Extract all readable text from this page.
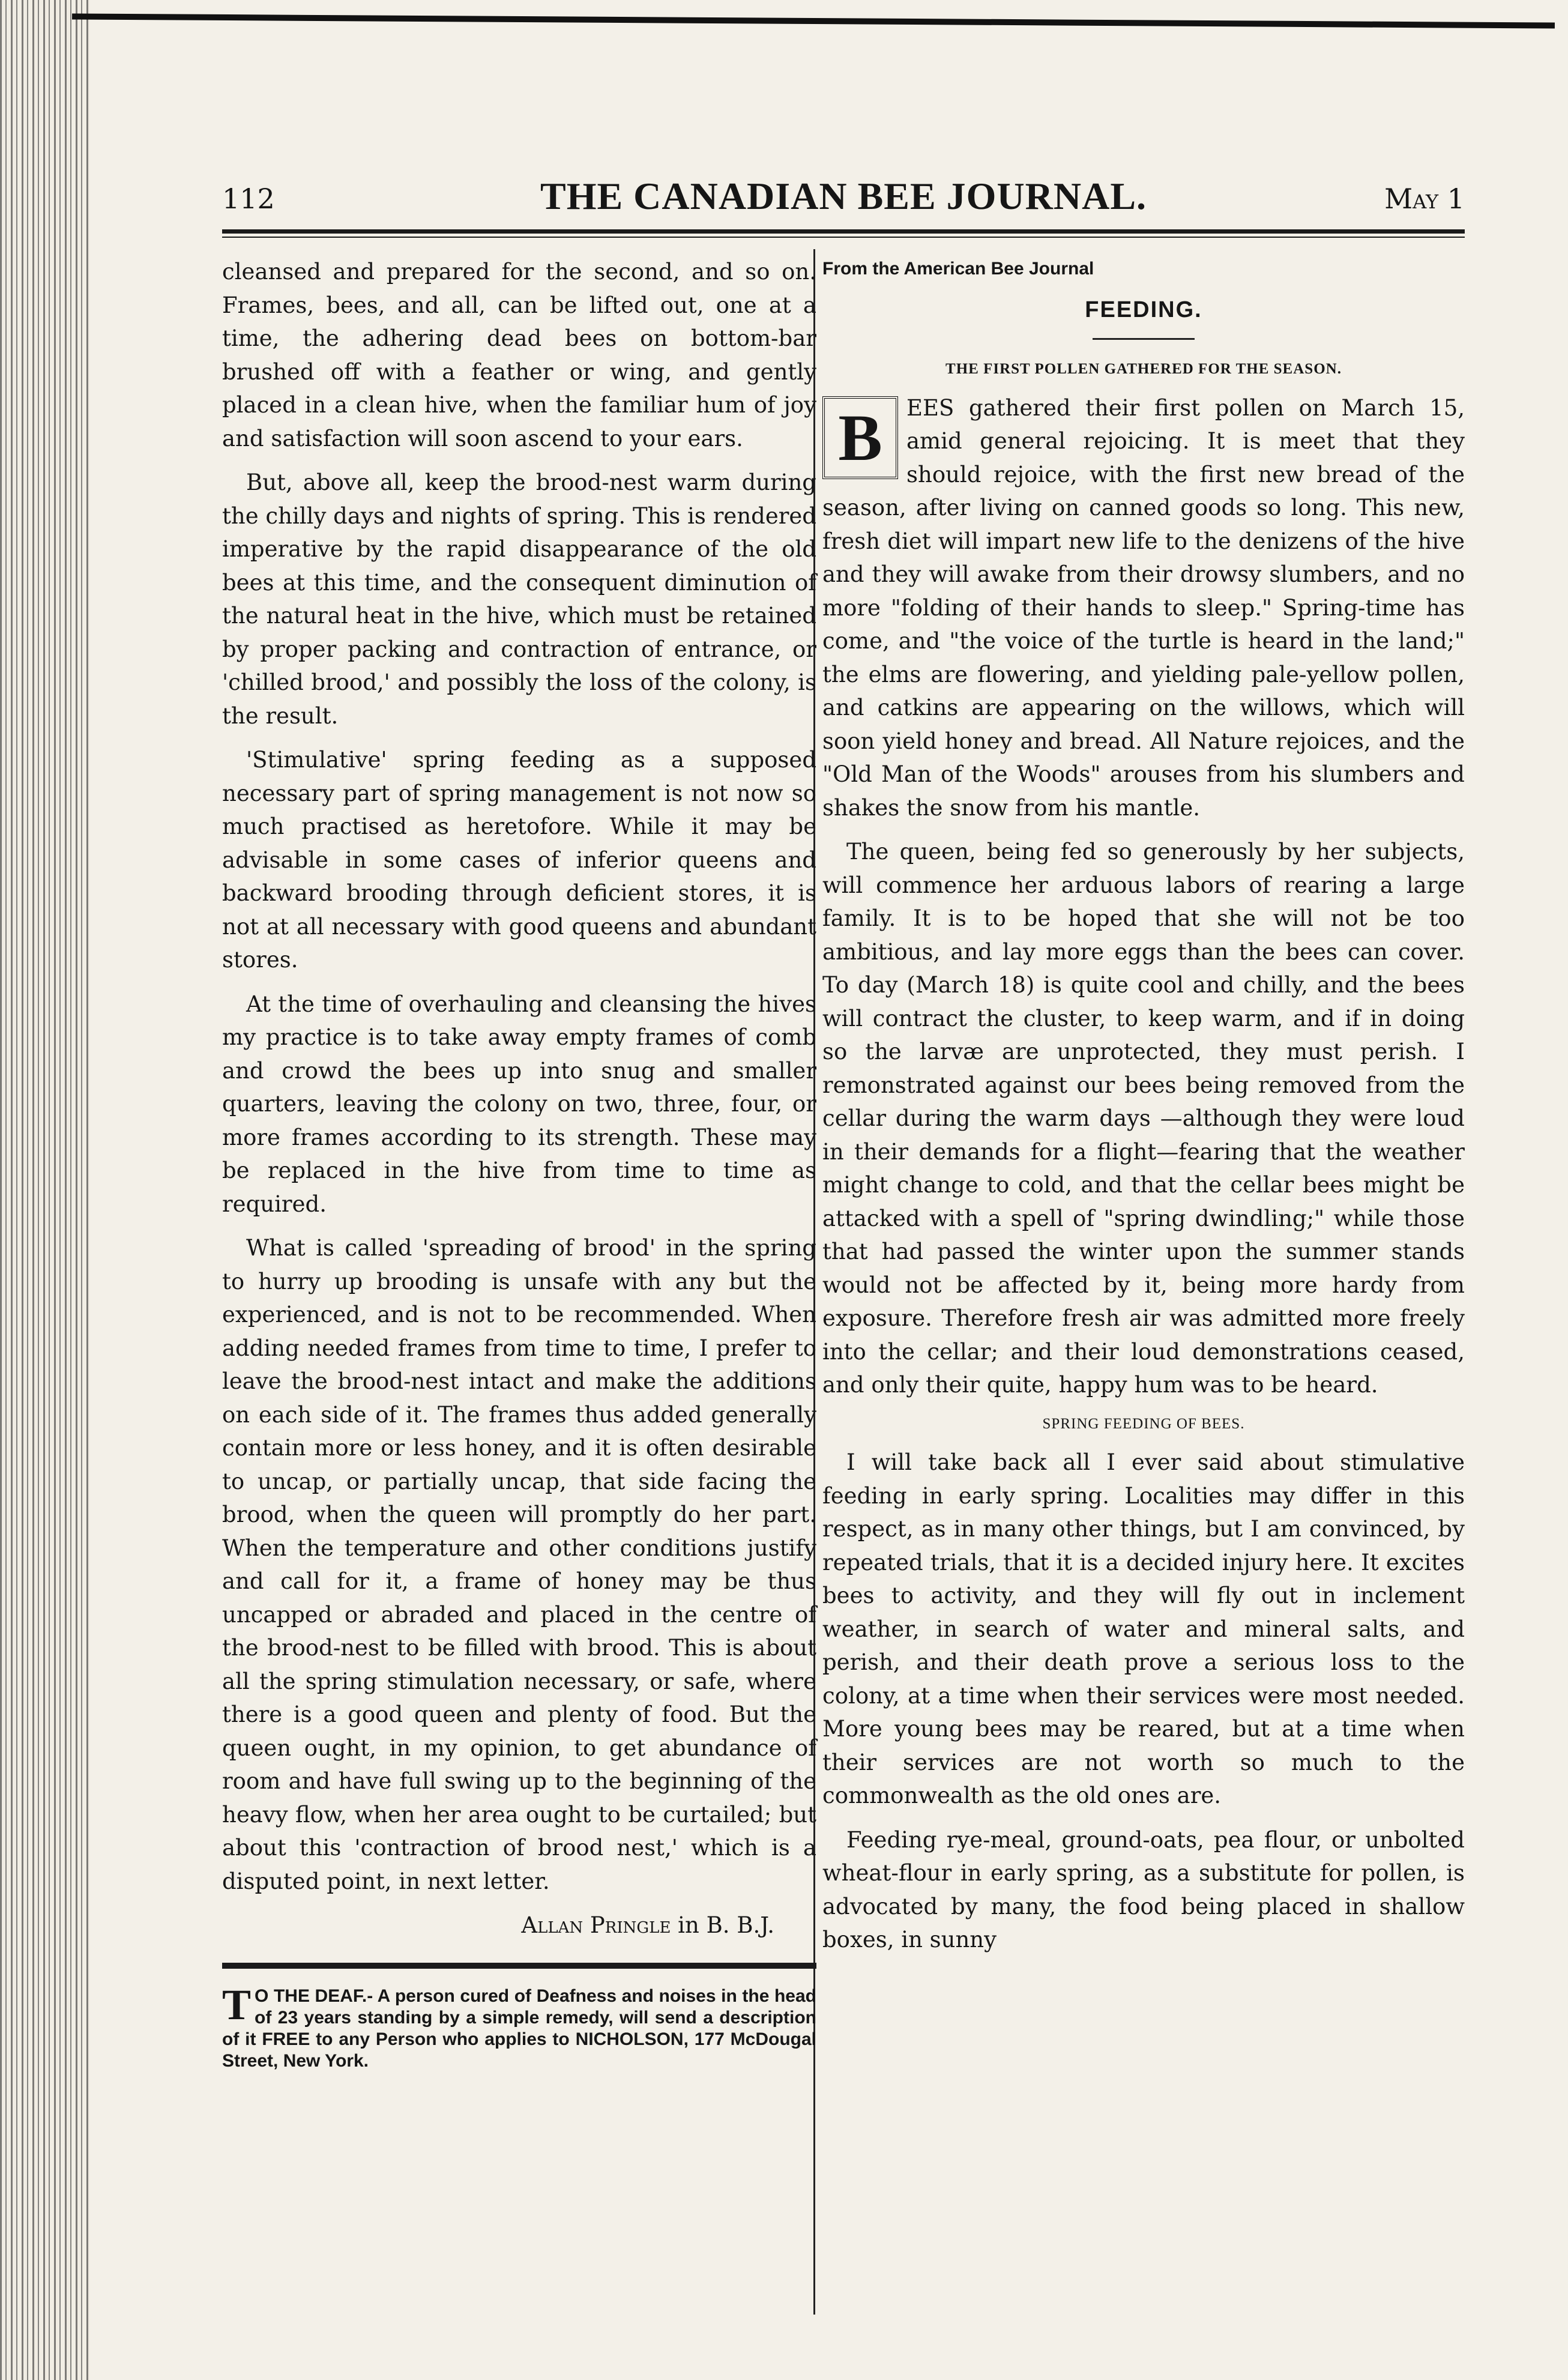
112	THE CANADIAN BEE JOURNAL.	May 1

cleansed and prepared for the second, and so on. Frames, bees, and all, can be lifted out, one at a time, the adhering dead bees on bottom-bar brushed off with a feather or wing, and gently placed in a clean hive, when the familiar hum of joy and satisfaction will soon ascend to your ears.

But, above all, keep the brood-nest warm during the chilly days and nights of spring. This is rendered imperative by the rapid disappearance of the old bees at this time, and the consequent diminution of the natural heat in the hive, which must be retained by proper packing and contraction of entrance, or 'chilled brood,' and possibly the loss of the colony, is the result.

'Stimulative' spring feeding as a supposed necessary part of spring management is not now so much practised as heretofore. While it may be advisable in some cases of inferior queens and backward brooding through deficient stores, it is not at all necessary with good queens and abundant stores.

At the time of overhauling and cleansing the hives my practice is to take away empty frames of comb and crowd the bees up into snug and smaller quarters, leaving the colony on two, three, four, or more frames according to its strength. These may be replaced in the hive from time to time as required.

What is called 'spreading of brood' in the spring to hurry up brooding is unsafe with any but the experienced, and is not to be recommended. When adding needed frames from time to time, I prefer to leave the brood-nest intact and make the additions on each side of it. The frames thus added generally contain more or less honey, and it is often desirable to uncap, or partially uncap, that side facing the brood, when the queen will promptly do her part. When the temperature and other conditions justify and call for it, a frame of honey may be thus uncapped or abraded and placed in the centre of the brood-nest to be filled with brood. This is about all the spring stimulation necessary, or safe, where there is a good queen and plenty of food. But the queen ought, in my opinion, to get abundance of room and have full swing up to the beginning of the heavy flow, when her area ought to be curtailed; but about this 'contraction of brood nest,' which is a disputed point, in next letter.

Allan Pringle in B. B.J.
T O THE DEAF.- A person cured of Deafness and noises in the head of 23 years standing by a simple remedy, will send a description of it FREE to any Person who applies to NICHOLSON, 177 McDougal Street, New York.

From the American Bee Journal

FEEDING.

THE FIRST POLLEN GATHERED FOR THE SEASON.

B	EES gathered their first pollen on March 15, amid general rejoicing. It is meet that they should rejoice, with the first new bread of the season, after living on canned goods so long. This new, fresh diet will impart new life to the denizens of the hive and they will awake from their drowsy slumbers, and no more "folding of their hands to sleep." Spring-time has come, and "the voice of the turtle is heard in the land;" the elms are flowering, and yielding pale-yellow pollen, and catkins are appearing on the willows, which will soon yield honey and bread. All Nature rejoices, and the "Old Man of the Woods" arouses from his slumbers and shakes the snow from his mantle.

The queen, being fed so generously by her subjects, will commence her arduous labors of rearing a large family. It is to be hoped that she will not be too ambitious, and lay more eggs than the bees can cover. To day (March 18) is quite cool and chilly, and the bees will contract the cluster, to keep warm, and if in doing so the larvæ are unprotected, they must perish. I remonstrated against our bees being removed from the cellar during the warm days —although they were loud in their demands for a flight—fearing that the weather might change to cold, and that the cellar bees might be attacked with a spell of "spring dwindling;" while those that had passed the winter upon the summer stands would not be affected by it, being more hardy from exposure. Therefore fresh air was admitted more freely into the cellar; and their loud demonstrations ceased, and only their quite, happy hum was to be heard.

SPRING FEEDING OF BEES.

I will take back all I ever said about stimulative feeding in early spring. Localities may differ in this respect, as in many other things, but I am convinced, by repeated trials, that it is a decided injury here. It excites bees to activity, and they will fly out in inclement weather, in search of water and mineral salts, and perish, and their death prove a serious loss to the colony, at a time when their services were most needed. More young bees may be reared, but at a time when their services are not worth so much to the commonwealth as the old ones are.

Feeding rye-meal, ground-oats, pea flour, or unbolted wheat-flour in early spring, as a substitute for pollen, is advocated by many, the food being placed in shallow boxes, in sunny
